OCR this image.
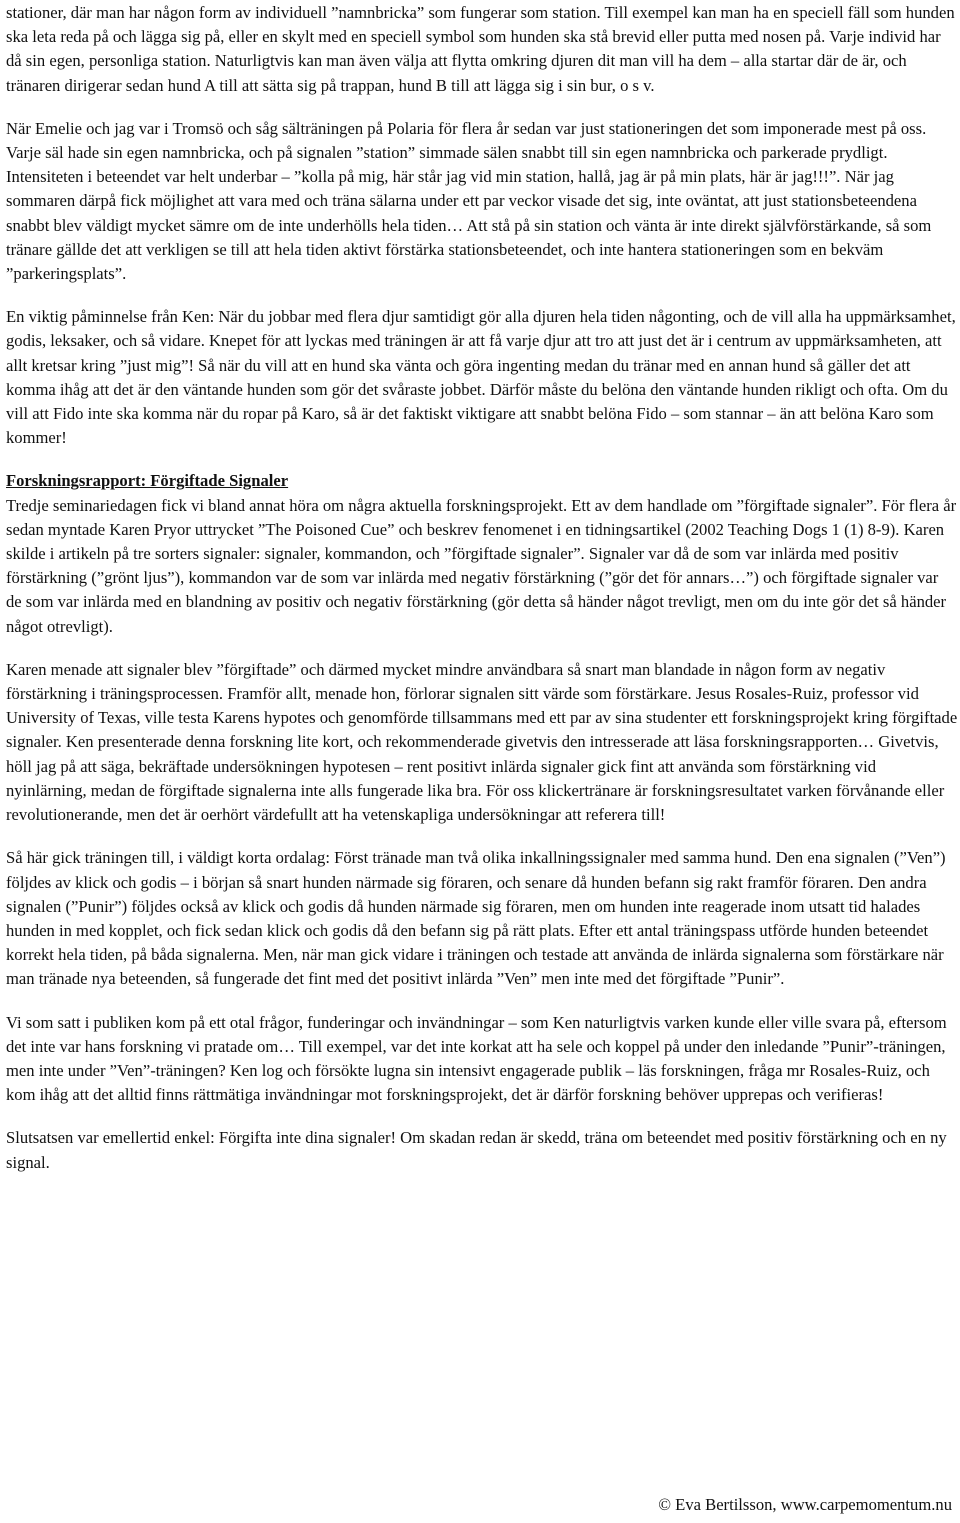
stationer, där man har någon form av individuell ”namnbricka” som fungerar som station. Till exempel kan man ha en speciell fäll som hunden ska leta reda på och lägga sig på, eller en skylt med en speciell symbol som hunden ska stå brevid eller putta med nosen på. Varje individ har då sin egen, personliga station. Naturligtvis kan man även välja att flytta omkring djuren dit man vill ha dem – alla startar där de är, och tränaren dirigerar sedan hund A till att sätta sig på trappan, hund B till att lägga sig i sin bur, o s v.

När Emelie och jag var i Tromsö och såg sälträningen på Polaria för flera år sedan var just stationeringen det som imponerade mest på oss. Varje säl hade sin egen namnbricka, och på signalen ”station” simmade sälen snabbt till sin egen namnbricka och parkerade prydligt. Intensiteten i beteendet var helt underbar – ”kolla på mig, här står jag vid min station, hallå, jag är på min plats, här är jag!!!”. När jag sommaren därpå fick möjlighet att vara med och träna sälarna under ett par veckor visade det sig, inte oväntat, att just stationsbeteendena snabbt blev väldigt mycket sämre om de inte underhölls hela tiden… Att stå på sin station och vänta är inte direkt självförstärkande, så som tränare gällde det att verkligen se till att hela tiden aktivt förstärka stationsbeteendet, och inte hantera stationeringen som en bekväm ”parkeringsplats”.

En viktig påminnelse från Ken: När du jobbar med flera djur samtidigt gör alla djuren hela tiden någonting, och de vill alla ha uppmärksamhet, godis, leksaker, och så vidare. Knepet för att lyckas med träningen är att få varje djur att tro att just det är i centrum av uppmärksamheten, att allt kretsar kring ”just mig”! Så när du vill att en hund ska vänta och göra ingenting medan du tränar med en annan hund så gäller det att komma ihåg att det är den väntande hunden som gör det svåraste jobbet. Därför måste du belöna den väntande hunden rikligt och ofta. Om du vill att Fido inte ska komma när du ropar på Karo, så är det faktiskt viktigare att snabbt belöna Fido – som stannar – än att belöna Karo som kommer!

Forskningsrapport: Förgiftade Signaler
Tredje seminariedagen fick vi bland annat höra om några aktuella forskningsprojekt. Ett av dem handlade om ”förgiftade signaler”. För flera år sedan myntade Karen Pryor uttrycket ”The Poisoned Cue” och beskrev fenomenet i en tidningsartikel (2002 Teaching Dogs 1 (1) 8-9). Karen skilde i artikeln på tre sorters signaler: signaler, kommandon, och ”förgiftade signaler”. Signaler var då de som var inlärda med positiv förstärkning (”grönt ljus”), kommandon var de som var inlärda med negativ förstärkning (”gör det för annars…”) och förgiftade signaler var de som var inlärda med en blandning av positiv och negativ förstärkning (gör detta så händer något trevligt, men om du inte gör det så händer något otrevligt).

Karen menade att signaler blev ”förgiftade” och därmed mycket mindre användbara så snart man blandade in någon form av negativ förstärkning i träningsprocessen. Framför allt, menade hon, förlorar signalen sitt värde som förstärkare. Jesus Rosales-Ruiz, professor vid University of Texas, ville testa Karens hypotes och genomförde tillsammans med ett par av sina studenter ett forskningsprojekt kring förgiftade signaler. Ken presenterade denna forskning lite kort, och rekommenderade givetvis den intresserade att läsa forskningsrapporten… Givetvis, höll jag på att säga, bekräftade undersökningen hypotesen – rent positivt inlärda signaler gick fint att använda som förstärkning vid nyinlärning, medan de förgiftade signalerna inte alls fungerade lika bra. För oss klickertränare är forskningsresultatet varken förvånande eller revolutionerande, men det är oerhört värdefullt att ha vetenskapliga undersökningar att referera till!

Så här gick träningen till, i väldigt korta ordalag: Först tränade man två olika inkallningssignaler med samma hund. Den ena signalen (”Ven”) följdes av klick och godis – i början så snart hunden närmade sig föraren, och senare då hunden befann sig rakt framför föraren. Den andra signalen (”Punir”) följdes också av klick och godis då hunden närmade sig föraren, men om hunden inte reagerade inom utsatt tid halades hunden in med kopplet, och fick sedan klick och godis då den befann sig på rätt plats. Efter ett antal träningspass utförde hunden beteendet korrekt hela tiden, på båda signalerna. Men, när man gick vidare i träningen och testade att använda de inlärda signalerna som förstärkare när man tränade nya beteenden, så fungerade det fint med det positivt inlärda ”Ven” men inte med det förgiftade ”Punir”.

Vi som satt i publiken kom på ett otal frågor, funderingar och invändningar – som Ken naturligtvis varken kunde eller ville svara på, eftersom det inte var hans forskning vi pratade om… Till exempel, var det inte korkat att ha sele och koppel på under den inledande ”Punir”-träningen, men inte under ”Ven”-träningen? Ken log och försökte lugna sin intensivt engagerade publik – läs forskningen, fråga mr Rosales-Ruiz, och kom ihåg att det alltid finns rättmätiga invändningar mot forskningsprojekt, det är därför forskning behöver upprepas och verifieras!

Slutsatsen var emellertid enkel: Förgifta inte dina signaler! Om skadan redan är skedd, träna om beteendet med positiv förstärkning och en ny signal.

© Eva Bertilsson, www.carpemomentum.nu
